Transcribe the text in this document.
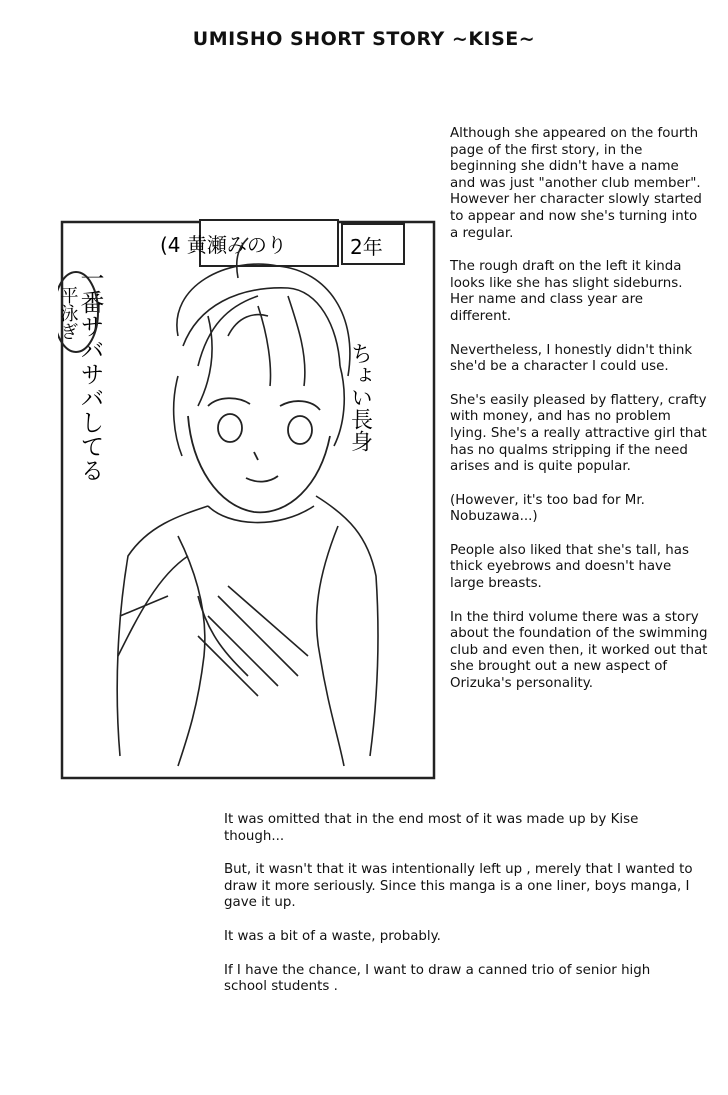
UMISHO SHORT STORY ~KISE~
(4 黄瀬みのり	2年
一番サバサバしてる
平泳ぎ
ちょい長身

Although she appeared on the fourth page of the first story, in the beginning she didn't have a name and was just "another club member". However her character slowly started to appear and now she's turning into a regular.

The rough draft on the left it kinda looks like she has slight sideburns. Her name and class year are different.

Nevertheless, I honestly didn't think she'd be a character I could use.

She's easily pleased by flattery, crafty with money, and has no problem lying. She's a really attractive girl that has no qualms stripping if the need arises and is quite popular.

(However, it's too bad for Mr. Nobuzawa...)

People also liked that she's tall, has thick eyebrows and doesn't have large breasts.

In the third volume there was a story about the foundation of the swimming club and even then, it worked out that she brought out a new aspect of Orizuka's personality.

It was omitted that in the end most of it was made up by Kise though...

But, it wasn't that it was intentionally left up , merely that I wanted to draw it more seriously. Since this manga is a one liner, boys manga, I gave it up.

It was a bit of a waste, probably.

If I have the chance, I want to draw a canned trio of senior high school students .
